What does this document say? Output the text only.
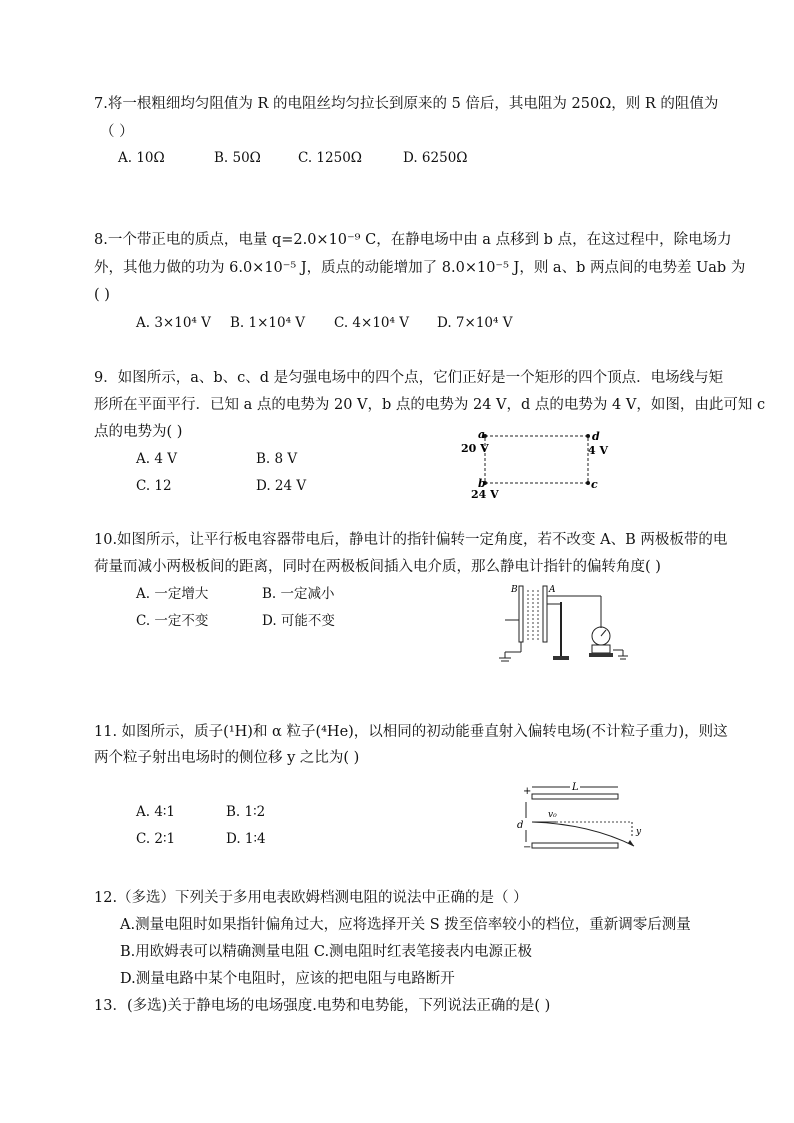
7.将一根粗细均匀阻值为 R 的电阻丝均匀拉长到原来的 5 倍后，其电阻为 250Ω，则 R 的阻值为
（ ）
A. 10Ω	B. 50Ω	C. 1250Ω	D. 6250Ω
8.一个带正电的质点，电量 q=2.0×10⁻⁹ C，在静电场中由 a 点移到 b 点，在这过程中，除电场力
外，其他力做的功为 6.0×10⁻⁵ J，质点的动能增加了 8.0×10⁻⁵ J，则 a、b 两点间的电势差 Uab 为
( )
A. 3×10⁴ V B. 1×10⁴ V C. 4×10⁴ V D. 7×10⁴ V
9．如图所示，a、b、c、d 是匀强电场中的四个点，它们正好是一个矩形的四个顶点．电场线与矩
形所在平面平行．已知 a 点的电势为 20 V，b 点的电势为 24 V，d 点的电势为 4 V，如图，由此可知 c
点的电势为( )
A. 4 V	B. 8 V
C. 12	D. 24 V
a
20 V
d
4 V
b
24 V
c
10.如图所示，让平行板电容器带电后，静电计的指针偏转一定角度，若不改变 A、B 两极板带的电
荷量而减小两极板间的距离，同时在两极板间插入电介质，那么静电计指针的偏转角度( )
A. 一定增大	B. 一定减小
C. 一定不变	D. 可能不变
B	A
11. 如图所示，质子(¹H)和 α 粒子(⁴He)，以相同的初动能垂直射入偏转电场(不计粒子重力)，则这
两个粒子射出电场时的侧位移 y 之比为( )
A. 4∶1	B. 1∶2
C. 2∶1	D. 1∶4
+
−
L
d
v₀
y
12.（多选）下列关于多用电表欧姆档测电阻的说法中正确的是（ ）
A.测量电阻时如果指针偏角过大，应将选择开关 S 拨至倍率较小的档位，重新调零后测量
B.用欧姆表可以精确测量电阻 C.测电阻时红表笔接表内电源正极
D.测量电路中某个电阻时，应该的把电阻与电路断开
13．(多选)关于静电场的电场强度.电势和电势能，下列说法正确的是( )
